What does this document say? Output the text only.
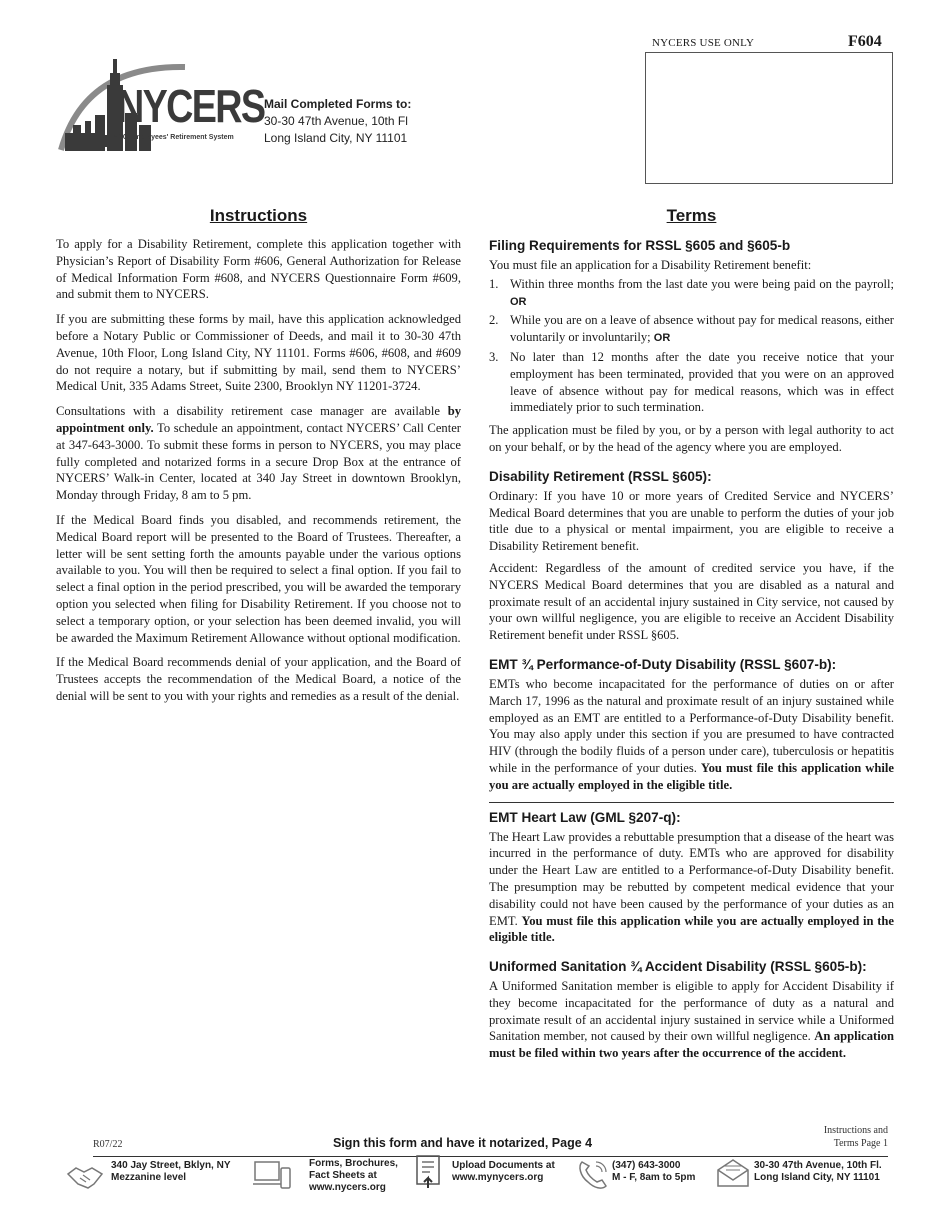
NYCERS USE ONLY	F604
NYCERS
NYC Employees' Retirement System
Mail Completed Forms to:
30-30 47th Avenue, 10th Fl
Long Island City, NY 11101
Instructions	Terms

To apply for a Disability Retirement, complete this application together with Physician’s Report of Disability Form #606, General Authorization for Release of Medical Information Form #608, and NYCERS Questionnaire Form #609, and submit them to NYCERS.

If you are submitting these forms by mail, have this application acknowledged before a Notary Public or Commissioner of Deeds, and mail it to 30-30 47th Avenue, 10th Floor, Long Island City, NY 11101. Forms #606, #608, and #609 do not require a notary, but if submitting by mail, send them to NYCERS’ Medical Unit, 335 Adams Street, Suite 2300, Brooklyn NY 11201-3724.

Consultations with a disability retirement case manager are available by appointment only. To schedule an appointment, contact NYCERS’ Call Center at 347-643-3000. To submit these forms in person to NYCERS, you may place fully completed and notarized forms in a secure Drop Box at the entrance of NYCERS’ Walk-in Center, located at 340 Jay Street in downtown Brooklyn, Monday through Friday, 8 am to 5 pm.

If the Medical Board finds you disabled, and recommends retirement, the Medical Board report will be presented to the Board of Trustees. Thereafter, a letter will be sent setting forth the amounts payable under the various options available to you. You will then be required to select a final option. If you fail to select a final option in the period prescribed, you will be awarded the temporary option you selected when filing for Disability Retirement. If you choose not to select a temporary option, or your selection has been deemed invalid, you will be awarded the Maximum Retirement Allowance without optional modification.

If the Medical Board recommends denial of your application, and the Board of Trustees accepts the recommendation of the Medical Board, a notice of the denial will be sent to you with your rights and remedies as a result of the denial.

Filing Requirements for RSSL §605 and §605-b

You must file an application for a Disability Retirement benefit:

1. Within three months from the last date you were being paid on the payroll; OR
2. While you are on a leave of absence without pay for medical reasons, either voluntarily or involuntarily; OR
3. No later than 12 months after the date you receive notice that your employment has been terminated, provided that you were on an approved leave of absence without pay for medical reasons, which was in effect immediately prior to such termination.

The application must be filed by you, or by a person with legal authority to act on your behalf, or by the head of the agency where you are employed.

Disability Retirement (RSSL §605):

Ordinary: If you have 10 or more years of Credited Service and NYCERS’ Medical Board determines that you are unable to perform the duties of your job title due to a physical or mental impairment, you are eligible to receive a Disability Retirement benefit.

Accident: Regardless of the amount of credited service you have, if the NYCERS Medical Board determines that you are disabled as a natural and proximate result of an accidental injury sustained in City service, not caused by your own willful negligence, you are eligible to receive an Accident Disability Retirement benefit under RSSL §605.

EMT ¾ Performance-of-Duty Disability (RSSL §607-b):

EMTs who become incapacitated for the performance of duties on or after March 17, 1996 as the natural and proximate result of an injury sustained while employed as an EMT are entitled to a Performance-of-Duty Disability benefit. You may also apply under this section if you are presumed to have contracted HIV (through the bodily fluids of a person under care), tuberculosis or hepatitis while in the performance of your duties. You must file this application while you are actually employed in the eligible title.

EMT Heart Law (GML §207-q):

The Heart Law provides a rebuttable presumption that a disease of the heart was incurred in the performance of duty. EMTs who are approved for disability under the Heart Law are entitled to a Performance-of-Duty Disability benefit. The presumption may be rebutted by competent medical evidence that your disability could not have been caused by the performance of your duties as an EMT. You must file this application while you are actually employed in the eligible title.

Uniformed Sanitation ¾ Accident Disability (RSSL §605-b):

A Uniformed Sanitation member is eligible to apply for Accident Disability if they become incapacitated for the performance of duty as a natural and proximate result of an accidental injury sustained in service while a Uniformed Sanitation member, not caused by their own willful negligence. An application must be filed within two years after the occurrence of the accident.

R07/22	Sign this form and have it notarized, Page 4
Instructions and
Terms Page 1
340 Jay Street, Bklyn, NY
Mezzanine level
Forms, Brochures,
Fact Sheets at
www.nycers.org
Upload Documents at
www.mynycers.org
(347) 643-3000
M - F, 8am to 5pm
30-30 47th Avenue, 10th Fl.
Long Island City, NY 11101
